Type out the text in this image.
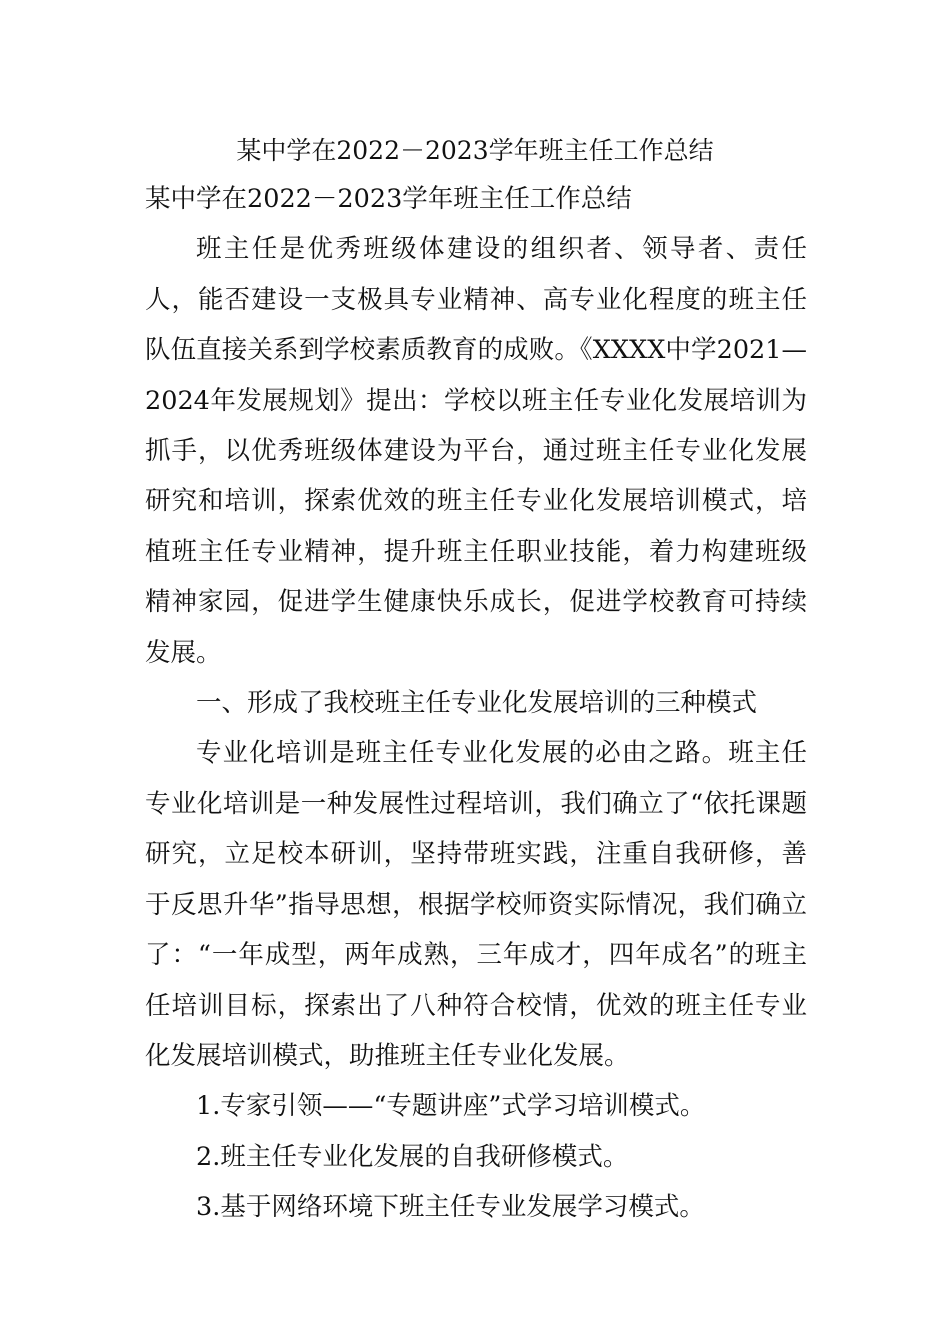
某中学在2022－2023学年班主任工作总结

某中学在2022－2023学年班主任工作总结

班主任是优秀班级体建设的组织者、领导者、责任人，能否建设一支极具专业精神、高专业化程度的班主任队伍直接关系到学校素质教育的成败。《XXXX中学2021—2024年发展规划》提出：学校以班主任专业化发展培训为抓手，以优秀班级体建设为平台，通过班主任专业化发展研究和培训，探索优效的班主任专业化发展培训模式，培植班主任专业精神，提升班主任职业技能，着力构建班级精神家园，促进学生健康快乐成长，促进学校教育可持续发展。

一、形成了我校班主任专业化发展培训的三种模式

专业化培训是班主任专业化发展的必由之路。班主任专业化培训是一种发展性过程培训，我们确立了“依托课题研究，立足校本研训，坚持带班实践，注重自我研修，善于反思升华”指导思想，根据学校师资实际情况，我们确立了：“一年成型，两年成熟，三年成才，四年成名”的班主任培训目标，探索出了八种符合校情，优效的班主任专业化发展培训模式，助推班主任专业化发展。

1.专家引领——“专题讲座”式学习培训模式。

2.班主任专业化发展的自我研修模式。

3.基于网络环境下班主任专业发展学习模式。
